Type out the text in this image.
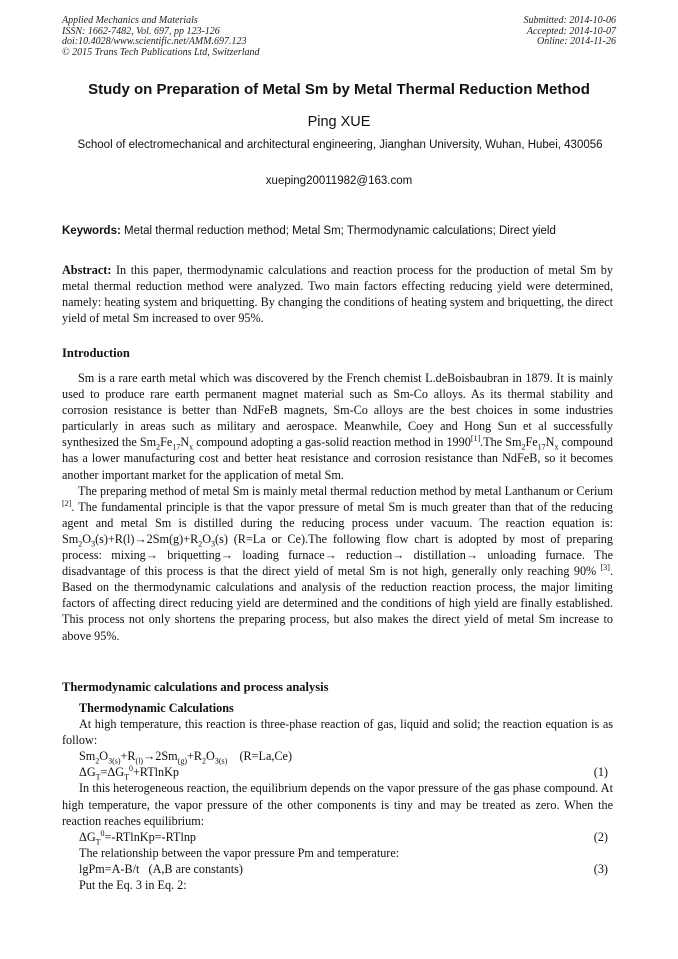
Applied Mechanics and Materials
ISSN: 1662-7482, Vol. 697, pp 123-126
doi:10.4028/www.scientific.net/AMM.697.123
© 2015 Trans Tech Publications Ltd, Switzerland
Submitted: 2014-10-06
Accepted: 2014-10-07
Online: 2014-11-26
Study on Preparation of Metal Sm by Metal Thermal Reduction Method
Ping XUE
School of electromechanical and architectural engineering, Jianghan University, Wuhan, Hubei, 430056
xueping20011982@163.com
Keywords: Metal thermal reduction method; Metal Sm; Thermodynamic calculations; Direct yield

Abstract: In this paper, thermodynamic calculations and reaction process for the production of metal Sm by metal thermal reduction method were analyzed. Two main factors effecting reducing yield were determined, namely: heating system and briquetting. By changing the conditions of heating system and briquetting, the direct yield of metal Sm increased to over 95%.

Introduction

Sm is a rare earth metal which was discovered by the French chemist L.deBoisbaubran in 1879. It is mainly used to produce rare earth permanent magnet material such as Sm-Co alloys. As its thermal stability and corrosion resistance is better than NdFeB magnets, Sm-Co alloys are the best choices in some industries particularly in areas such as military and aerospace. Meanwhile, Coey and Hong Sun et al successfully synthesized the $Sm_2Fe_{17}N_x$ compound adopting a gas-solid reaction method in 1990[1].The $Sm_2Fe_{17}N_x$ compound has a lower manufacturing cost and better heat resistance and corrosion resistance than NdFeB, so it becomes another important market for the application of metal Sm.

The preparing method of metal Sm is mainly metal thermal reduction method by metal Lanthanum or Cerium [2]. The fundamental principle is that the vapor pressure of metal Sm is much greater than that of the reducing agent and metal Sm is distilled during the reducing process under vacuum. The reaction equation is: $Sm_2O_3(s)+R(l)\to 2Sm(g)+R_2O_3(s)$ (R=La or Ce).The following flow chart is adopted by most of preparing process: mixing→ briquetting→ loading furnace→ reduction→ distillation→ unloading furnace. The disadvantage of this process is that the direct yield of metal Sm is not high, generally only reaching 90% [3]. Based on the thermodynamic calculations and analysis of the reduction reaction process, the major limiting factors of affecting direct reducing yield are determined and the conditions of high yield are finally established. This process not only shortens the preparing process, but also makes the direct yield of metal Sm increase to above 95%.

Thermodynamic calculations and process analysis
Thermodynamic Calculations

At high temperature, this reaction is three-phase reaction of gas, liquid and solid; the reaction equation is as follow:

$Sm_2O_{3(s)}+R_{(l)}\to 2Sm_{(g)}+R_2O_{3(s)}$ (R=La,Ce)
$\Delta G_T=\Delta G_T^0+RTlnKp$	(1)

In this heterogeneous reaction, the equilibrium depends on the vapor pressure of the gas phase compound. At high temperature, the vapor pressure of the other components is tiny and may be treated as zero. When the reaction reaches equilibrium:

$\Delta G_T^0=-RTlnKp=$-RTlnp	(2)

The relationship between the vapor pressure Pm and temperature:

lgPm=A-B/t (A,B are constants)	(3)

Put the Eq. 3 in Eq. 2:
